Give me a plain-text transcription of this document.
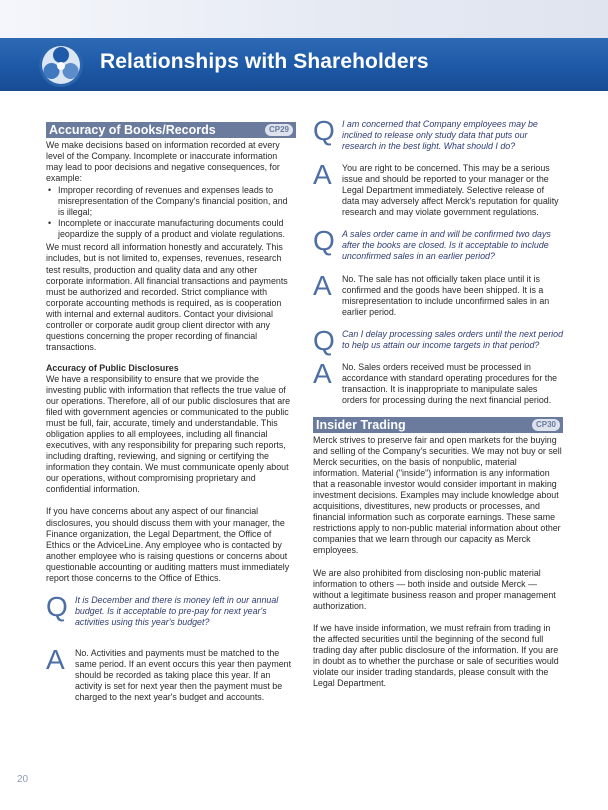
Relationships with Shareholders
Accuracy of Books/Records	CP29

We make decisions based on information recorded at every level of the Company. Incomplete or inaccurate information may lead to poor decisions and negative consequences, for example:

• Improper recording of revenues and expenses leads to misrepresentation of the Company's financial position, and is illegal;
• Incomplete or inaccurate manufacturing documents could jeopardize the supply of a product and violate regulations.

We must record all information honestly and accurately. This includes, but is not limited to, expenses, revenues, research test results, production and quality data and any other corporate information. All financial transactions and payments must be authorized and recorded. Strict compliance with corporate accounting methods is required, as is cooperation with internal and external auditors. Contact your divisional controller or corporate audit group client director with any questions concerning the proper recording of financial transactions.

Accuracy of Public Disclosures

We have a responsibility to ensure that we provide the investing public with information that reflects the true value of our operations. Therefore, all of our public disclosures that are filed with government agencies or communicated to the public must be full, fair, accurate, timely and understandable. This obligation applies to all employees, including all financial executives, with any responsibility for preparing such reports, including drafting, reviewing, and signing or certifying the information they contain. We must communicate openly about our operations, without compromising proprietary and confidential information.

If you have concerns about any aspect of our financial disclosures, you should discuss them with your manager, the Finance organization, the Legal Department, the Office of Ethics or the AdviceLine. Any employee who is contacted by another employee who is raising questions or concerns about questionable accounting or auditing matters must immediately report those concerns to the Office of Ethics.

Q It is December and there is money left in our annual budget. Is it acceptable to pre-pay for next year's activities using this year's budget?

A No. Activities and payments must be matched to the same period. If an event occurs this year then payment should be recorded as taking place this year. If an activity is set for next year then the payment must be charged to the next year's budget and accounts.

Q I am concerned that Company employees may be inclined to release only study data that puts our research in the best light. What should I do?

A You are right to be concerned. This may be a serious issue and should be reported to your manager or the Legal Department immediately. Selective release of data may adversely affect Merck's reputation for quality research and may violate government regulations.

Q A sales order came in and will be confirmed two days after the books are closed. Is it acceptable to include unconfirmed sales in an earlier period?

A No. The sale has not officially taken place until it is confirmed and the goods have been shipped. It is a misrepresentation to include unconfirmed sales in an earlier period.

Q Can I delay processing sales orders until the next period to help us attain our income targets in that period?

A No. Sales orders received must be processed in accordance with standard operating procedures for the transaction. It is inappropriate to manipulate sales orders for processing during the next financial period.

Insider Trading	CP30

Merck strives to preserve fair and open markets for the buying and selling of the Company's securities. We may not buy or sell Merck securities, on the basis of nonpublic, material information. Material ("inside") information is any information that a reasonable investor would consider important in making investment decisions. Examples may include knowledge about acquisitions, divestitures, new products or processes, and financial information such as corporate earnings. These same restrictions apply to non-public material information about other companies that we learn through our capacity as Merck employees.

We are also prohibited from disclosing non-public material information to others — both inside and outside Merck — without a legitimate business reason and proper management authorization.

If we have inside information, we must refrain from trading in the affected securities until the beginning of the second full trading day after public disclosure of the information. If you are in doubt as to whether the purchase or sale of securities would violate our insider trading standards, please consult with the Legal Department.

20
